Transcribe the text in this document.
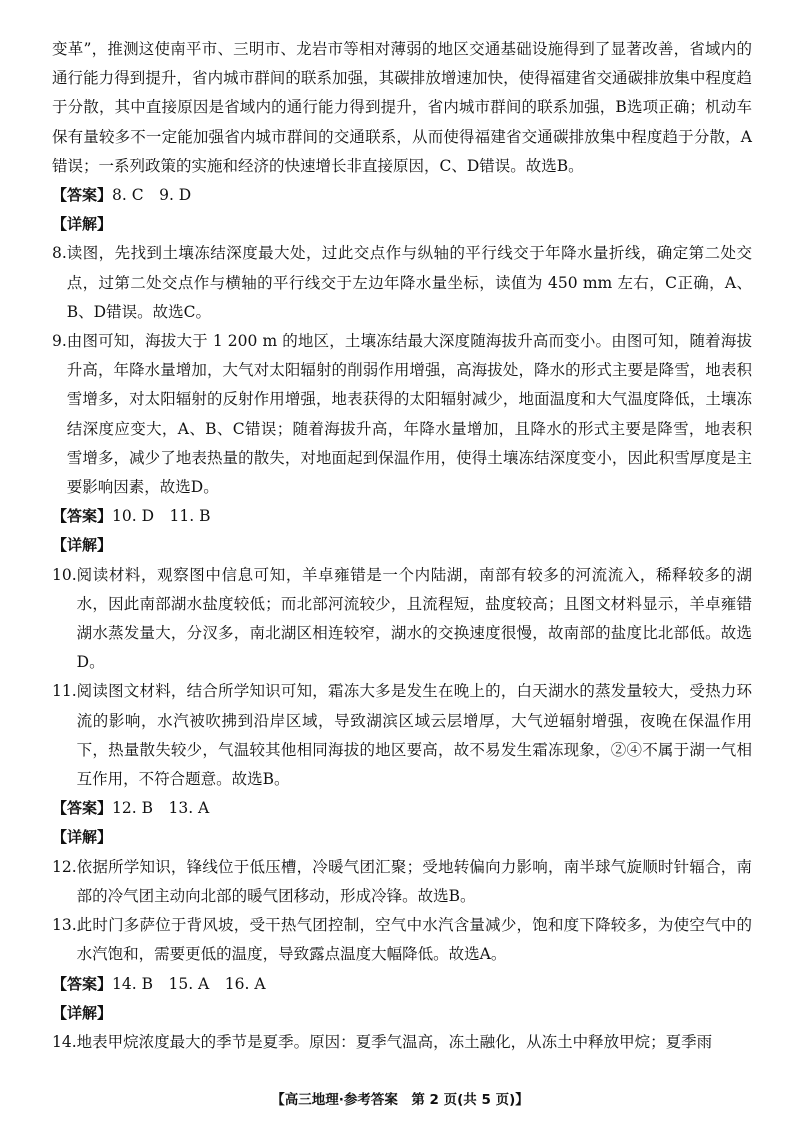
变革”，推测这使南平市、三明市、龙岩市等相对薄弱的地区交通基础设施得到了显著改善，省域内的通行能力得到提升，省内城市群间的联系加强，其碳排放增速加快，使得福建省交通碳排放集中程度趋于分散，其中直接原因是省域内的通行能力得到提升，省内城市群间的联系加强，B选项正确；机动车保有量较多不一定能加强省内城市群间的交通联系，从而使得福建省交通碳排放集中程度趋于分散，A错误；一系列政策的实施和经济的快速增长非直接原因，C、D错误。故选B。

【答案】8. C　9. D

【详解】

8. 读图，先找到土壤冻结深度最大处，过此交点作与纵轴的平行线交于年降水量折线，确定第二处交点，过第二处交点作与横轴的平行线交于左边年降水量坐标，读值为 450 mm 左右，C正确，A、B、D错误。故选C。
9. 由图可知，海拔大于 1 200 m 的地区，土壤冻结最大深度随海拔升高而变小。由图可知，随着海拔升高，年降水量增加，大气对太阳辐射的削弱作用增强，高海拔处，降水的形式主要是降雪，地表积雪增多，对太阳辐射的反射作用增强，地表获得的太阳辐射减少，地面温度和大气温度降低，土壤冻结深度应变大，A、B、C错误；随着海拔升高，年降水量增加，且降水的形式主要是降雪，地表积雪增多，减少了地表热量的散失，对地面起到保温作用，使得土壤冻结深度变小，因此积雪厚度是主要影响因素，故选D。

【答案】10. D　11. B

【详解】

10. 阅读材料，观察图中信息可知，羊卓雍错是一个内陆湖，南部有较多的河流流入，稀释较多的湖水，因此南部湖水盐度较低；而北部河流较少，且流程短，盐度较高；且图文材料显示，羊卓雍错湖水蒸发量大，分汊多，南北湖区相连较窄，湖水的交换速度很慢，故南部的盐度比北部低。故选D。
11. 阅读图文材料，结合所学知识可知，霜冻大多是发生在晚上的，白天湖水的蒸发量较大，受热力环流的影响，水汽被吹拂到沿岸区域，导致湖滨区域云层增厚，大气逆辐射增强，夜晚在保温作用下，热量散失较少，气温较其他相同海拔的地区要高，故不易发生霜冻现象，②④不属于湖一气相互作用，不符合题意。故选B。

【答案】12. B　13. A

【详解】

12. 依据所学知识，锋线位于低压槽，冷暖气团汇聚；受地转偏向力影响，南半球气旋顺时针辐合，南部的冷气团主动向北部的暖气团移动，形成冷锋。故选B。
13. 此时门多萨位于背风坡，受干热气团控制，空气中水汽含量减少，饱和度下降较多，为使空气中的水汽饱和，需要更低的温度，导致露点温度大幅降低。故选A。

【答案】14. B　15. A　16. A

【详解】

14. 地表甲烷浓度最大的季节是夏季。原因：夏季气温高，冻土融化，从冻土中释放甲烷；夏季雨
【高三地理·参考答案　第 2 页(共 5 页)】
